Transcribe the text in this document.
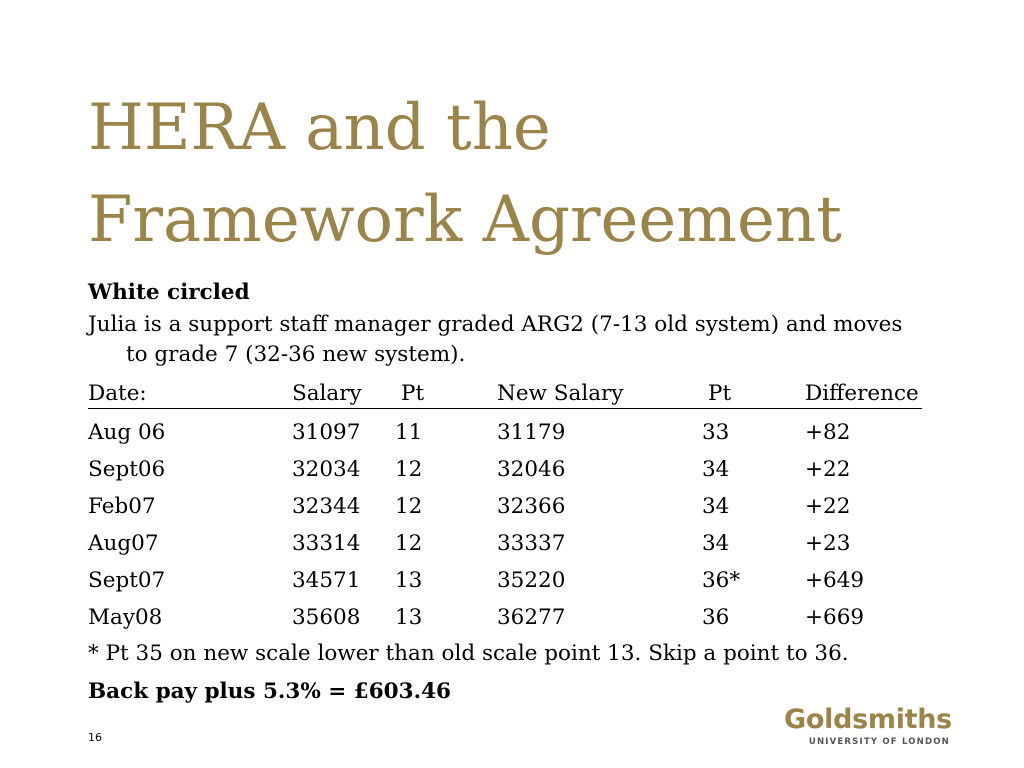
HERA and the
Framework Agreement
White circled
Julia is a support staff manager graded ARG2 (7-13 old system) and moves
to grade 7 (32-36 new system).
Date:	Salary Pt	New Salary	Pt	Difference
Aug 06	31097 11	31179	33	+82
Sept06	32034 12	32046	34	+22
Feb07	32344 12	32366	34	+22
Aug07	33314 12	33337	34	+23
Sept07	34571 13	35220	36*	+649
May08	35608 13	36277	36	+669
* Pt 35 on new scale lower than old scale point 13. Skip a point to 36.
Back pay plus 5.3% = £603.46
16
Goldsmiths
UNIVERSITY OF LONDON
